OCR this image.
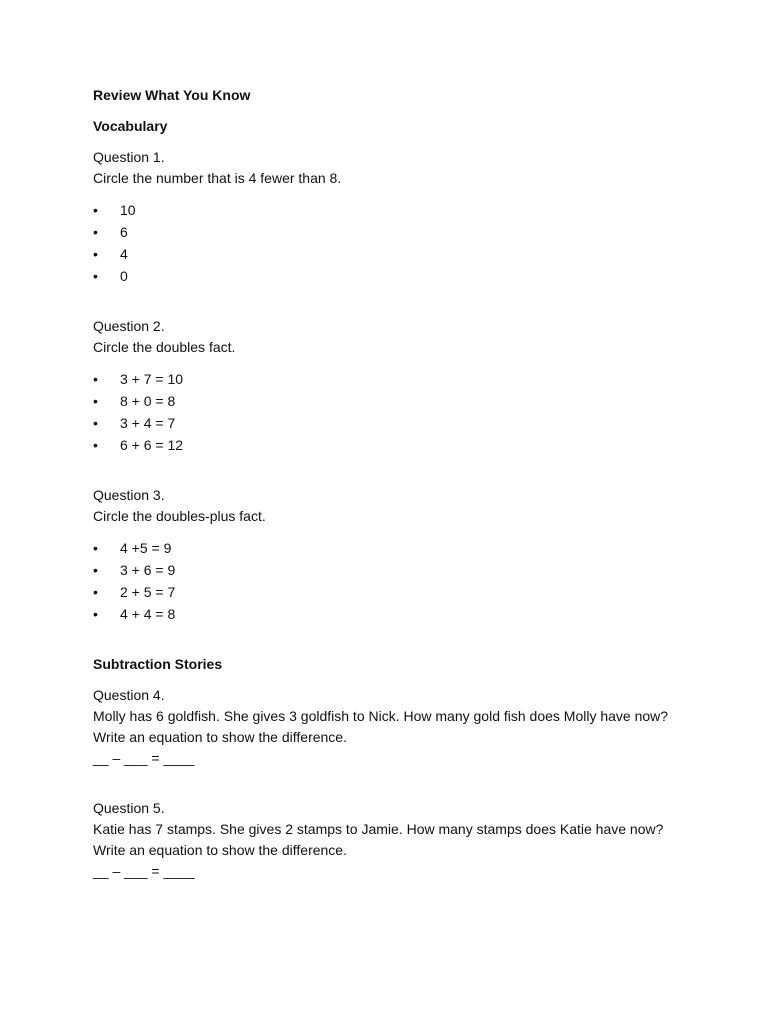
Review What You Know

Vocabulary

Question 1.
Circle the number that is 4 fewer than 8.
• 10
• 6
• 4
• 0
Question 2.
Circle the doubles fact.
• 3 + 7 = 10
• 8 + 0 = 8
• 3 + 4 = 7
• 6 + 6 = 12
Question 3.
Circle the doubles-plus fact.
• 4 +5 = 9
• 3 + 6 = 9
• 2 + 5 = 7
• 4 + 4 = 8

Subtraction Stories

Question 4.
Molly has 6 goldfish. She gives 3 goldfish to Nick. How many gold fish does Molly have now? Write an equation to show the difference.
__ – ___ = ____
Question 5.
Katie has 7 stamps. She gives 2 stamps to Jamie. How many stamps does Katie have now? Write an equation to show the difference.
__ – ___ = ____
